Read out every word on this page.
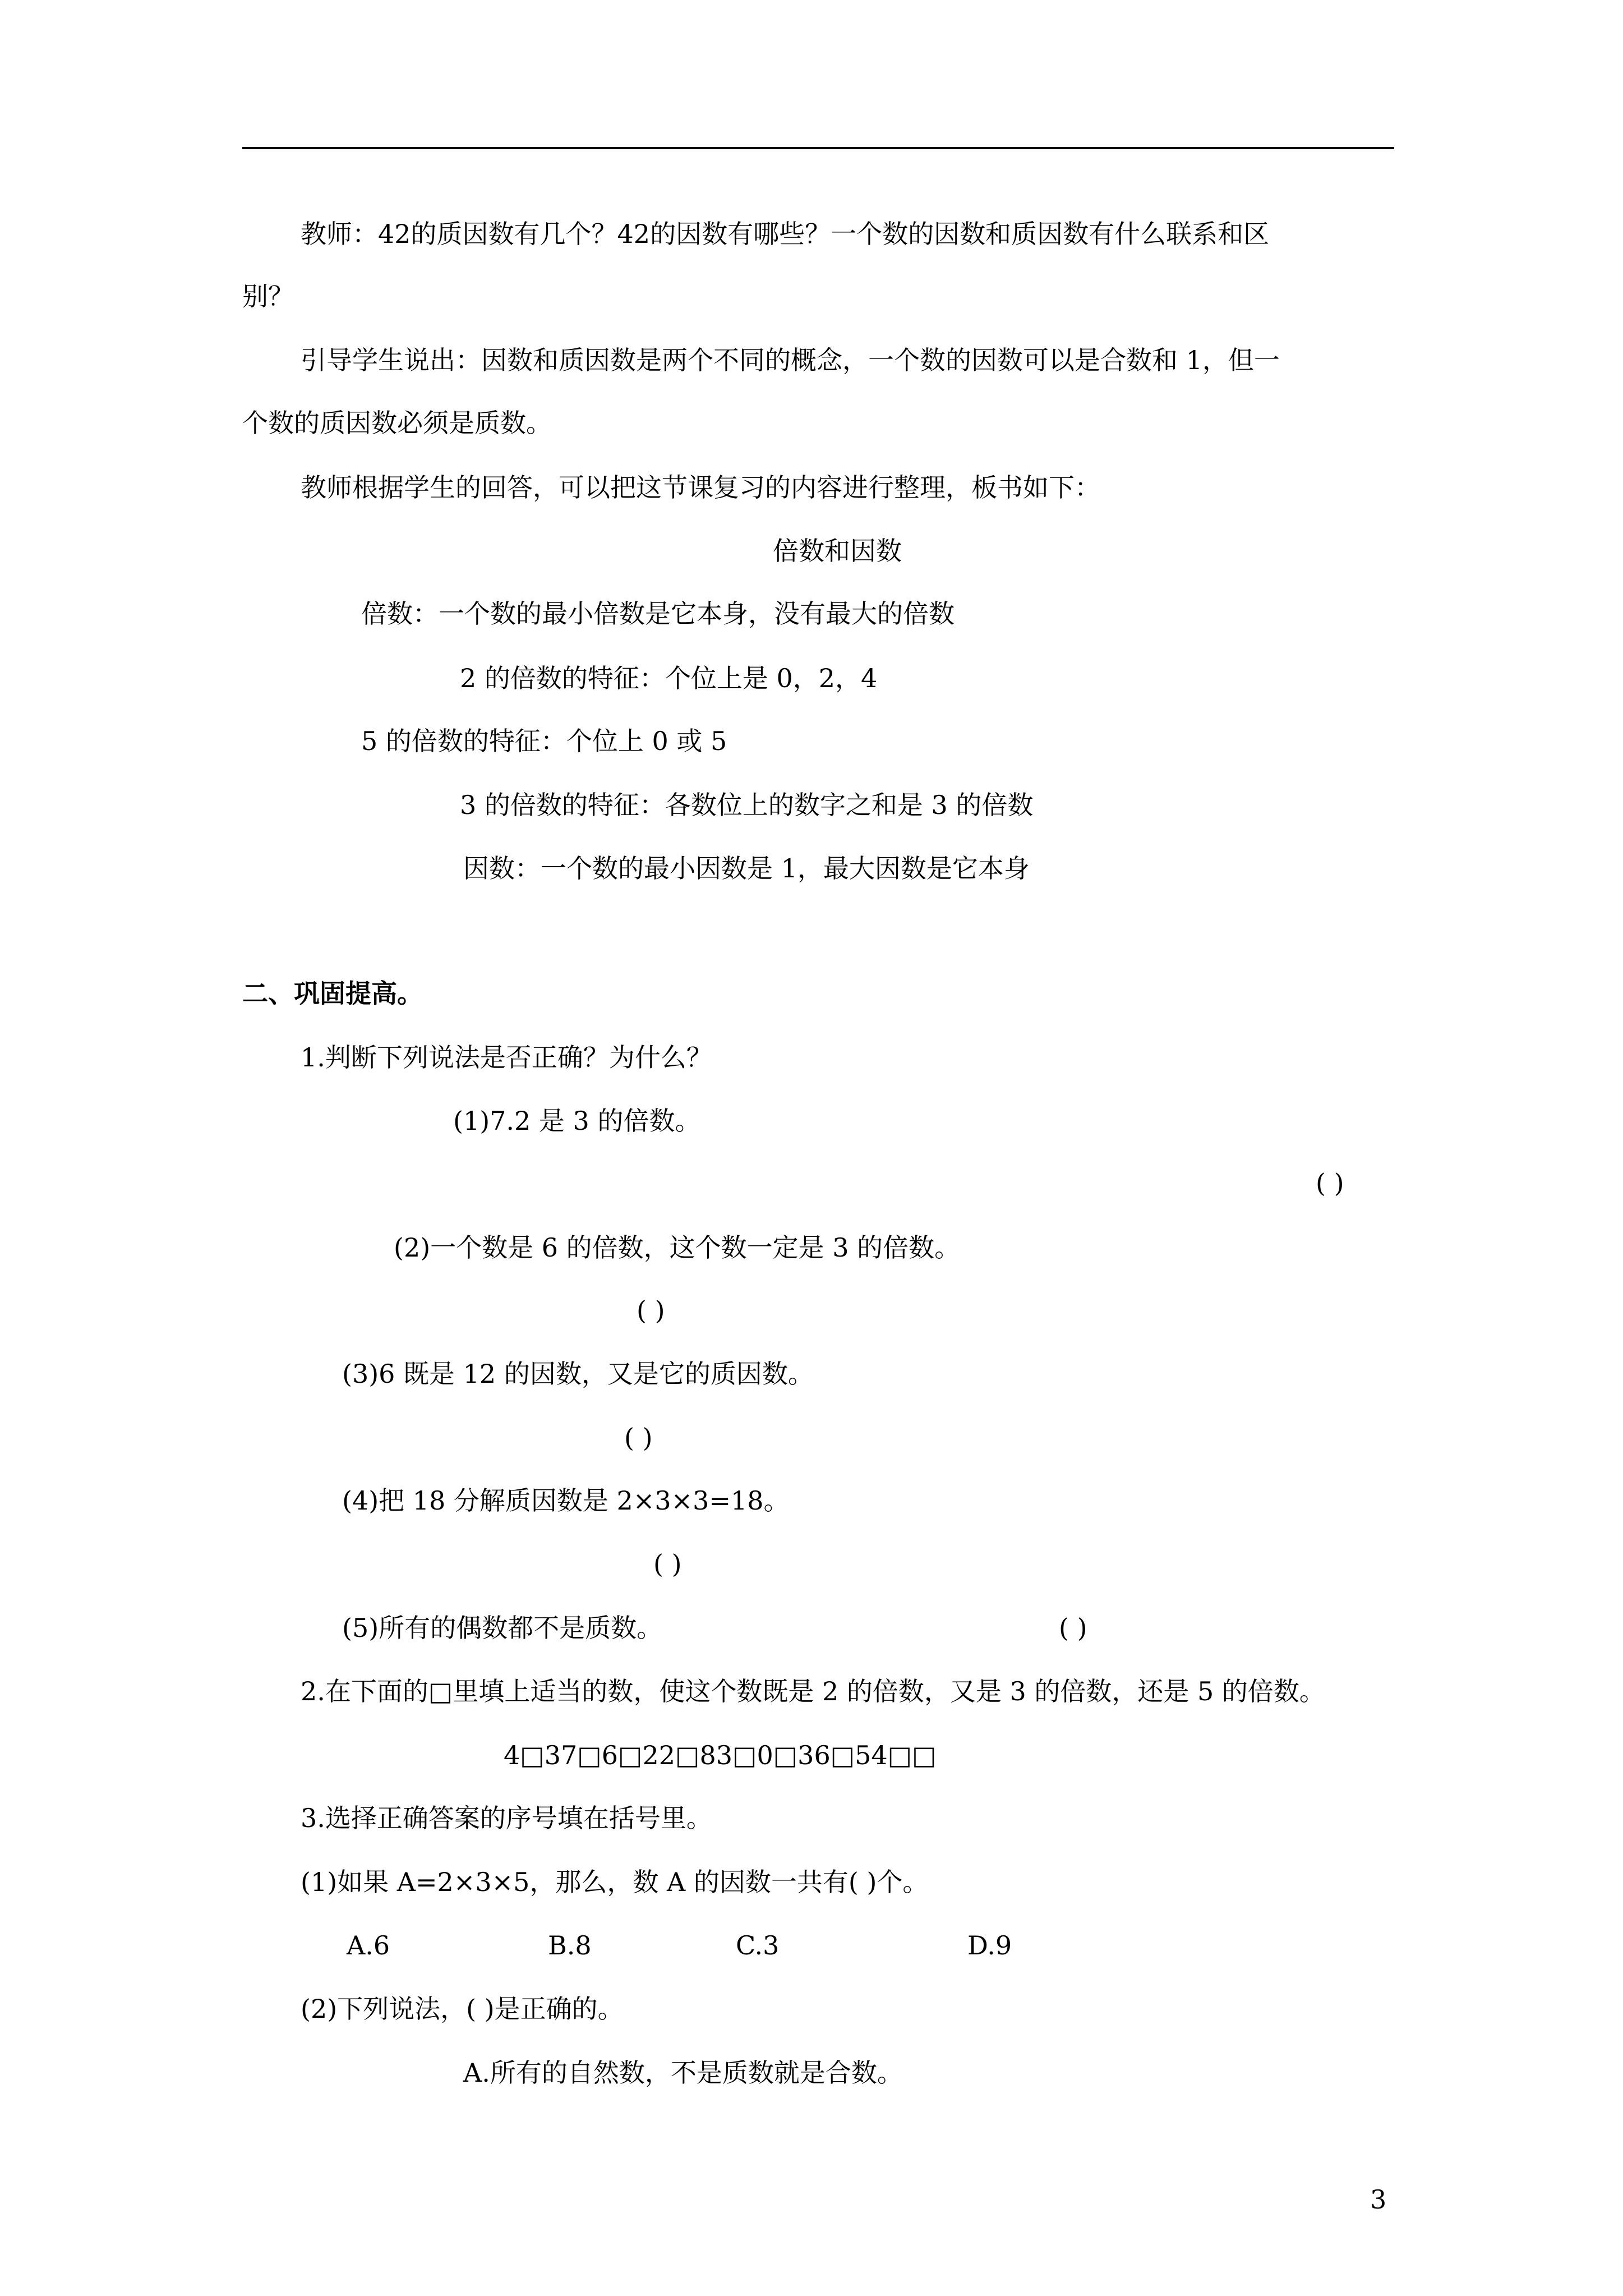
教师：42的质因数有几个？42的因数有哪些？一个数的因数和质因数有什么联系和区
别？
引导学生说出：因数和质因数是两个不同的概念，一个数的因数可以是合数和 1，但一
个数的质因数必须是质数。
教师根据学生的回答，可以把这节课复习的内容进行整理，板书如下：
倍数和因数
倍数：一个数的最小倍数是它本身，没有最大的倍数
2 的倍数的特征：个位上是 0，2，4
5 的倍数的特征：个位上 0 或 5
3 的倍数的特征：各数位上的数字之和是 3 的倍数
因数：一个数的最小因数是 1，最大因数是它本身
二、巩固提高。
1.判断下列说法是否正确？为什么？
(1)7.2 是 3 的倍数。
( )
(2)一个数是 6 的倍数，这个数一定是 3 的倍数。
( )
(3)6 既是 12 的因数，又是它的质因数。
( )
(4)把 18 分解质因数是 2×3×3=18。
( )
(5)所有的偶数都不是质数。	( )
2.在下面的□里填上适当的数，使这个数既是 2 的倍数，又是 3 的倍数，还是 5 的倍数。
4□37□6□22□83□0□36□54□□
3.选择正确答案的序号填在括号里。
(1)如果 A=2×3×5，那么，数 A 的因数一共有( )个。
A.6	B.8	C.3	D.9
(2)下列说法，( )是正确的。
A.所有的自然数，不是质数就是合数。
3
